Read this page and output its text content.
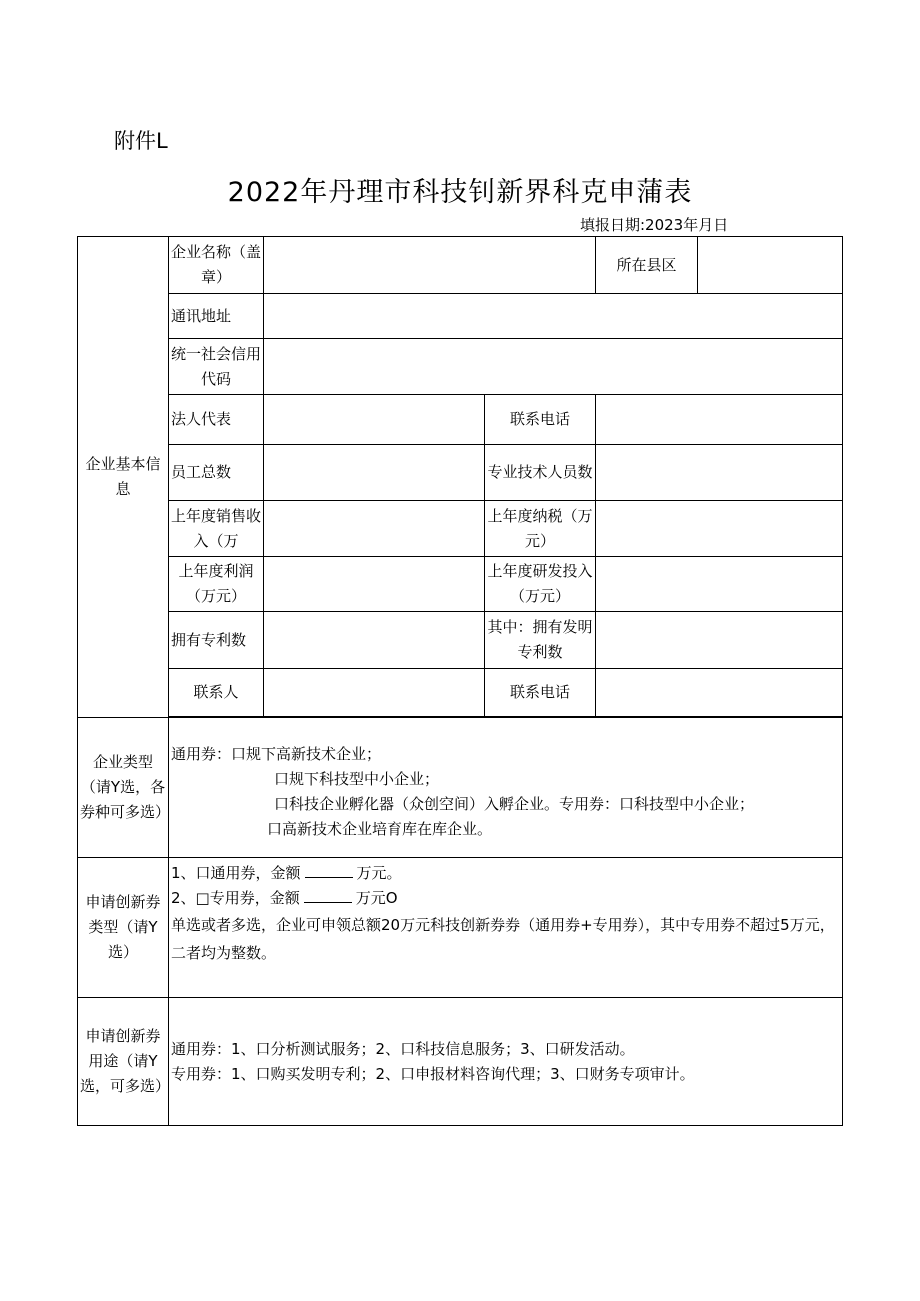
附件L
2022年丹理市科技钊新界科克申蒲表
填报日期:2023年月日
企业基本信息	企业名称（盖章）			所在县区	
	通讯地址				
	统一社会信用代码				
	法人代表		联系电话		
	员工总数		专业技术人员数		
	上年度销售收入（万		上年度纳税（万元）		
	上年度利润（万元）		上年度研发投入（万元）		
	拥有专利数		其中：拥有发明专利数		
	联系人		联系电话		

企业类型（请Y选，各券种可多选）	通用券：口规下高新技术企业；
口规下科技型中小企业；
口科技企业孵化器（众创空间）入孵企业。专用券：口科技型中小企业；
口高新技术企业培育库在库企业。				

申请创新券类型（请Y选）	1、口通用券，金额 万元。
2、□专用券，金额 万元O
单选或者多选，企业可申领总额20万元科技创新券券（通用券+专用券），其中专用券不超过5万元，二者均为整数。				

申请创新券用途（请Y选，可多选）	通用券：1、口分析测试服务；2、口科技信息服务；3、口研发活动。
专用券：1、口购买发明专利；2、口申报材料咨询代理；3、口财务专项审计。				
